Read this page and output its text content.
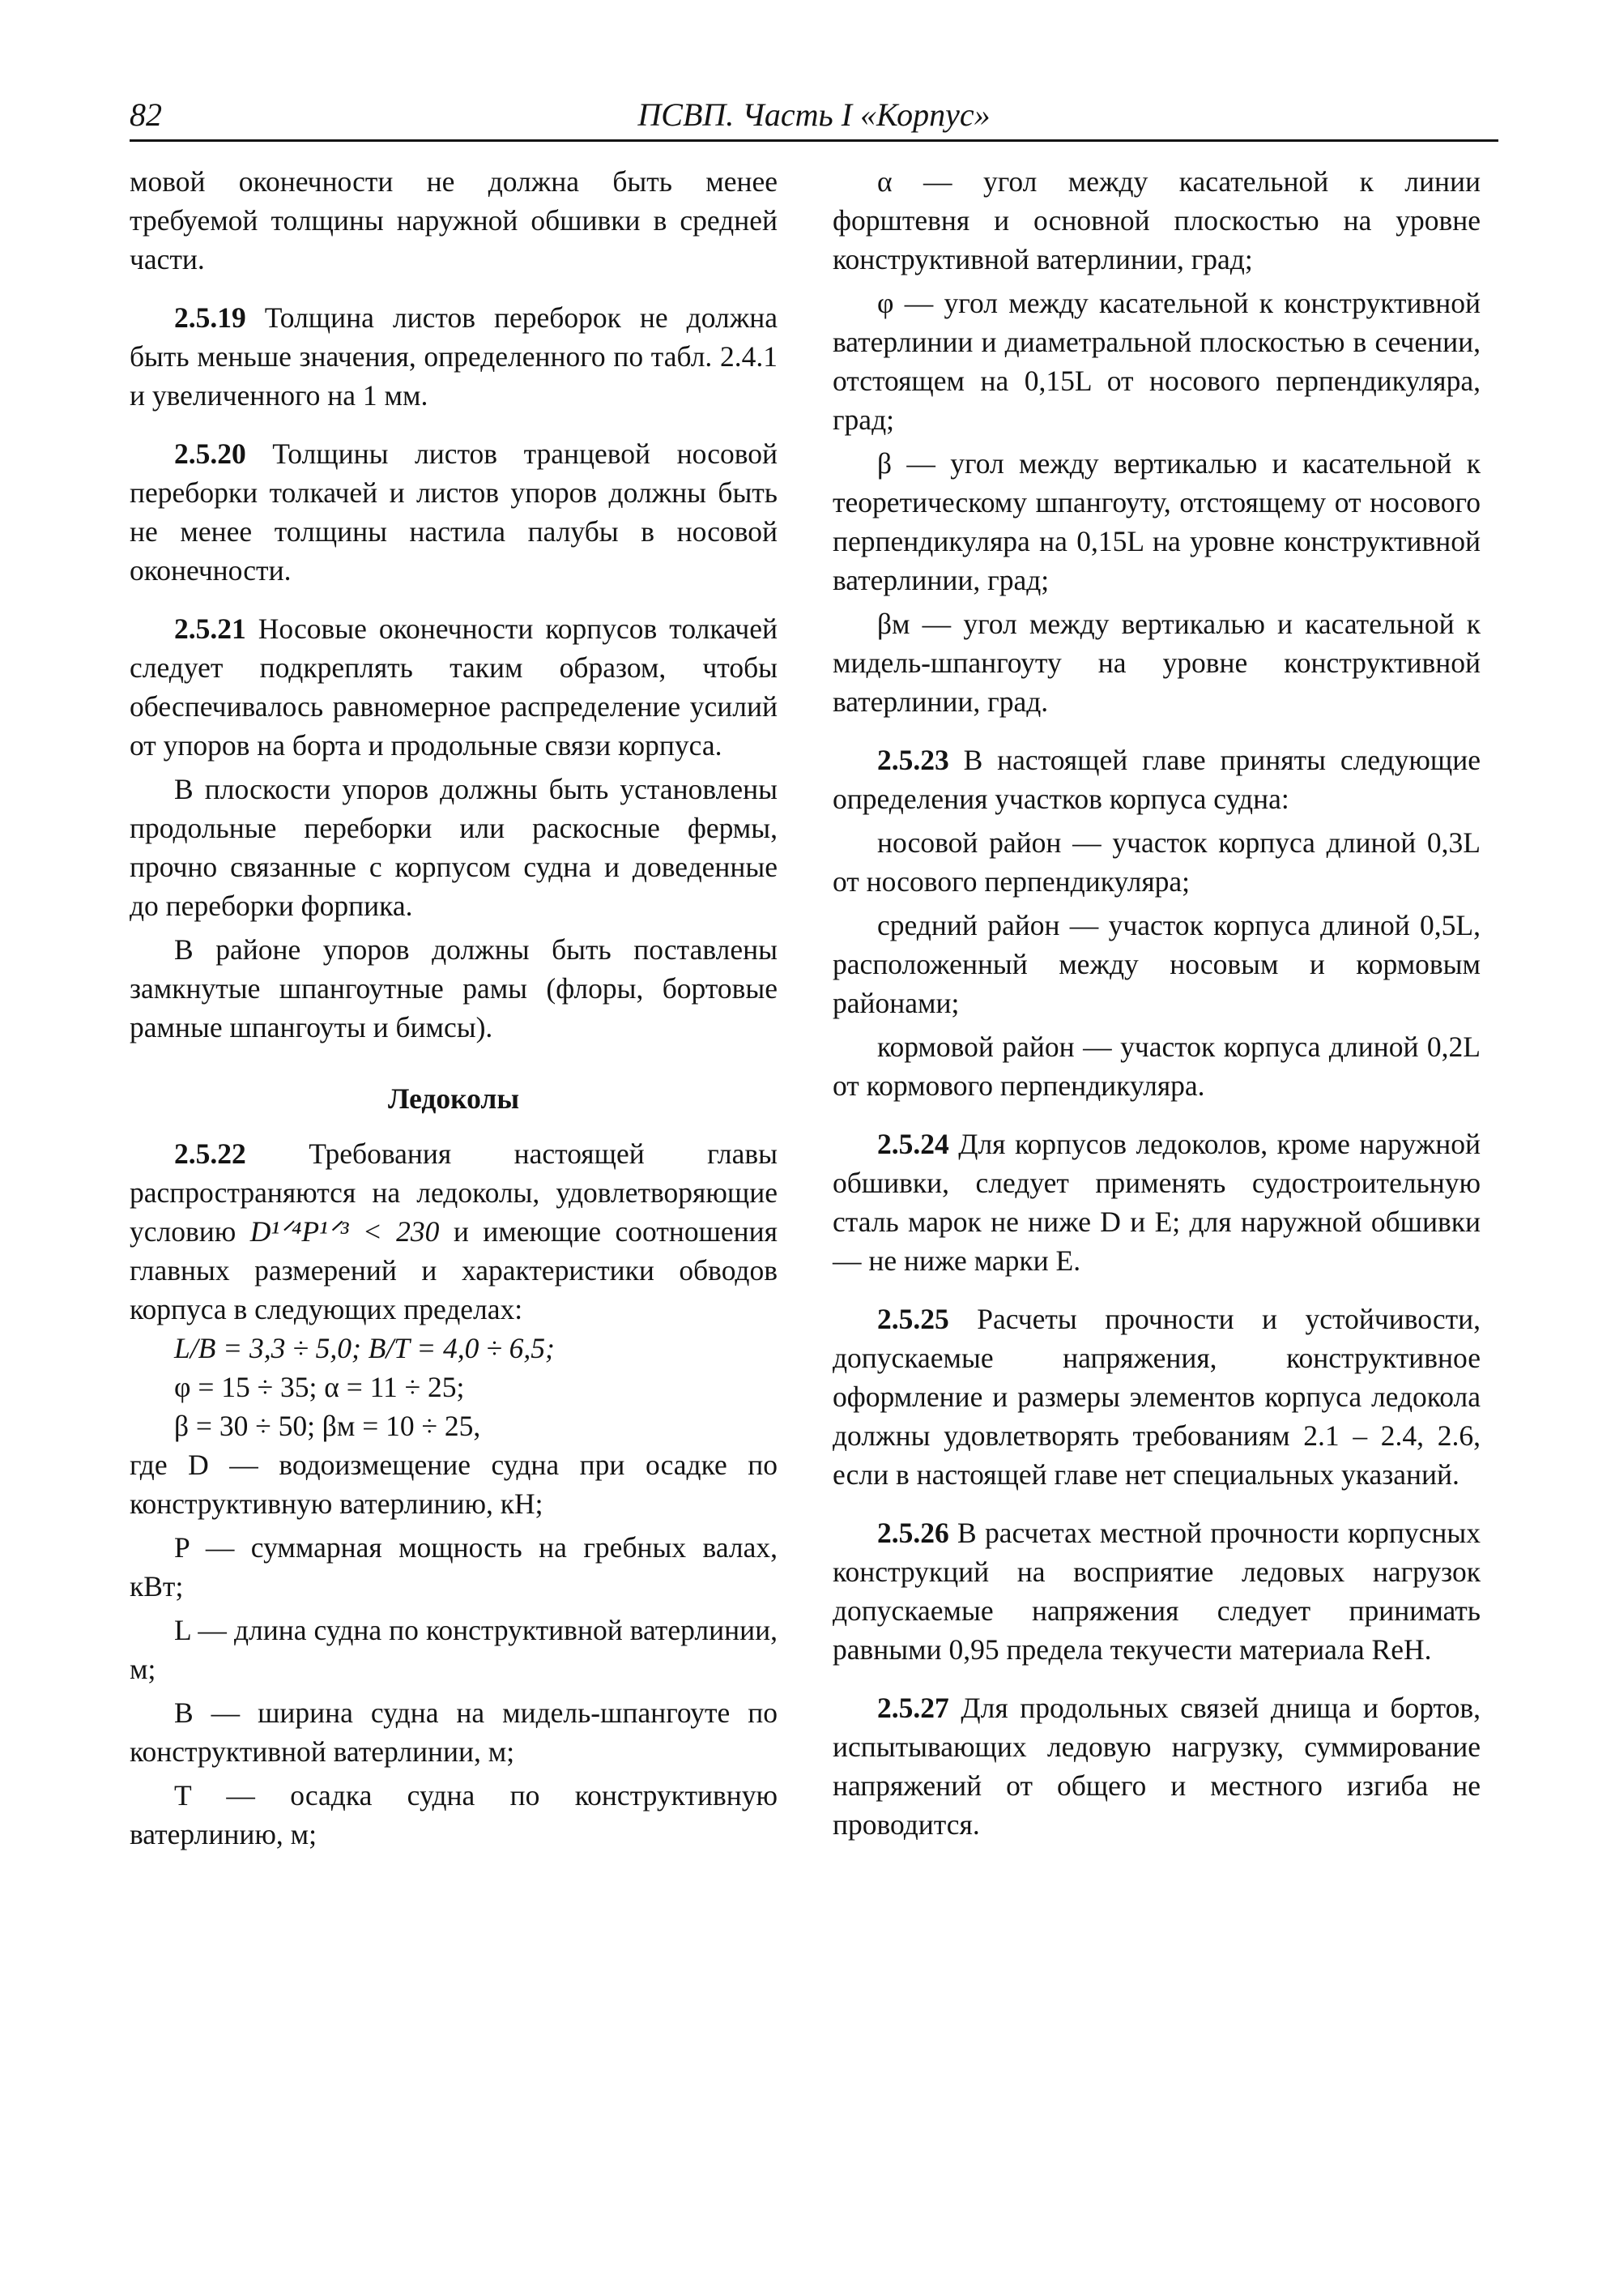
82	ПСВП. Часть I «Корпус»

мовой оконечности не должна быть менее требуемой толщины наружной обшивки в средней части.

2.5.19 Толщина листов переборок не должна быть меньше значения, определенного по табл. 2.4.1 и увеличенного на 1 мм.

2.5.20 Толщины листов транцевой носовой переборки толкачей и листов упоров должны быть не менее толщины настила палубы в носовой оконечности.

2.5.21 Носовые оконечности корпусов толкачей следует подкреплять таким образом, чтобы обеспечивалось равномерное распределение усилий от упоров на борта и продольные связи корпуса.

В плоскости упоров должны быть установлены продольные переборки или раскосные фермы, прочно связанные с корпусом судна и доведенные до переборки форпика.

В районе упоров должны быть поставлены замкнутые шпангоутные рамы (флоры, бортовые рамные шпангоуты и бимсы).

Ледоколы

2.5.22 Требования настоящей главы распространяются на ледоколы, удовлетворяющие условию D¹ᐟ⁴P¹ᐟ³ < 230 и имеющие соотношения главных размерений и характеристики обводов корпуса в следующих пределах:

L/B = 3,3 ÷ 5,0; B/T = 4,0 ÷ 6,5;

φ = 15 ÷ 35; α = 11 ÷ 25;

β = 30 ÷ 50; βм = 10 ÷ 25,

где D — водоизмещение судна при осадке по конструктивную ватерлинию, кН;

P — суммарная мощность на гребных валах, кВт;

L — длина судна по конструктивной ватерлинии, м;

B — ширина судна на мидель-шпангоуте по конструктивной ватерлинии, м;

T — осадка судна по конструктивную ватерлинию, м;

α — угол между касательной к линии форштевня и основной плоскостью на уровне конструктивной ватерлинии, град;

φ — угол между касательной к конструктивной ватерлинии и диаметральной плоскостью в сечении, отстоящем на 0,15L от носового перпендикуляра, град;

β — угол между вертикалью и касательной к теоретическому шпангоуту, отстоящему от носового перпендикуляра на 0,15L на уровне конструктивной ватерлинии, град;

βм — угол между вертикалью и касательной к мидель-шпангоуту на уровне конструктивной ватерлинии, град.

2.5.23 В настоящей главе приняты следующие определения участков корпуса судна:

носовой район — участок корпуса длиной 0,3L от носового перпендикуляра;

средний район — участок корпуса длиной 0,5L, расположенный между носовым и кормовым районами;

кормовой район — участок корпуса длиной 0,2L от кормового перпендикуляра.

2.5.24 Для корпусов ледоколов, кроме наружной обшивки, следует применять судостроительную сталь марок не ниже D и E; для наружной обшивки — не ниже марки E.

2.5.25 Расчеты прочности и устойчивости, допускаемые напряжения, конструктивное оформление и размеры элементов корпуса ледокола должны удовлетворять требованиям 2.1 – 2.4, 2.6, если в настоящей главе нет специальных указаний.

2.5.26 В расчетах местной прочности корпусных конструкций на восприятие ледовых нагрузок допускаемые напряжения следует принимать равными 0,95 предела текучести материала ReH.

2.5.27 Для продольных связей днища и бортов, испытывающих ледовую нагрузку, суммирование напряжений от общего и местного изгиба не проводится.
